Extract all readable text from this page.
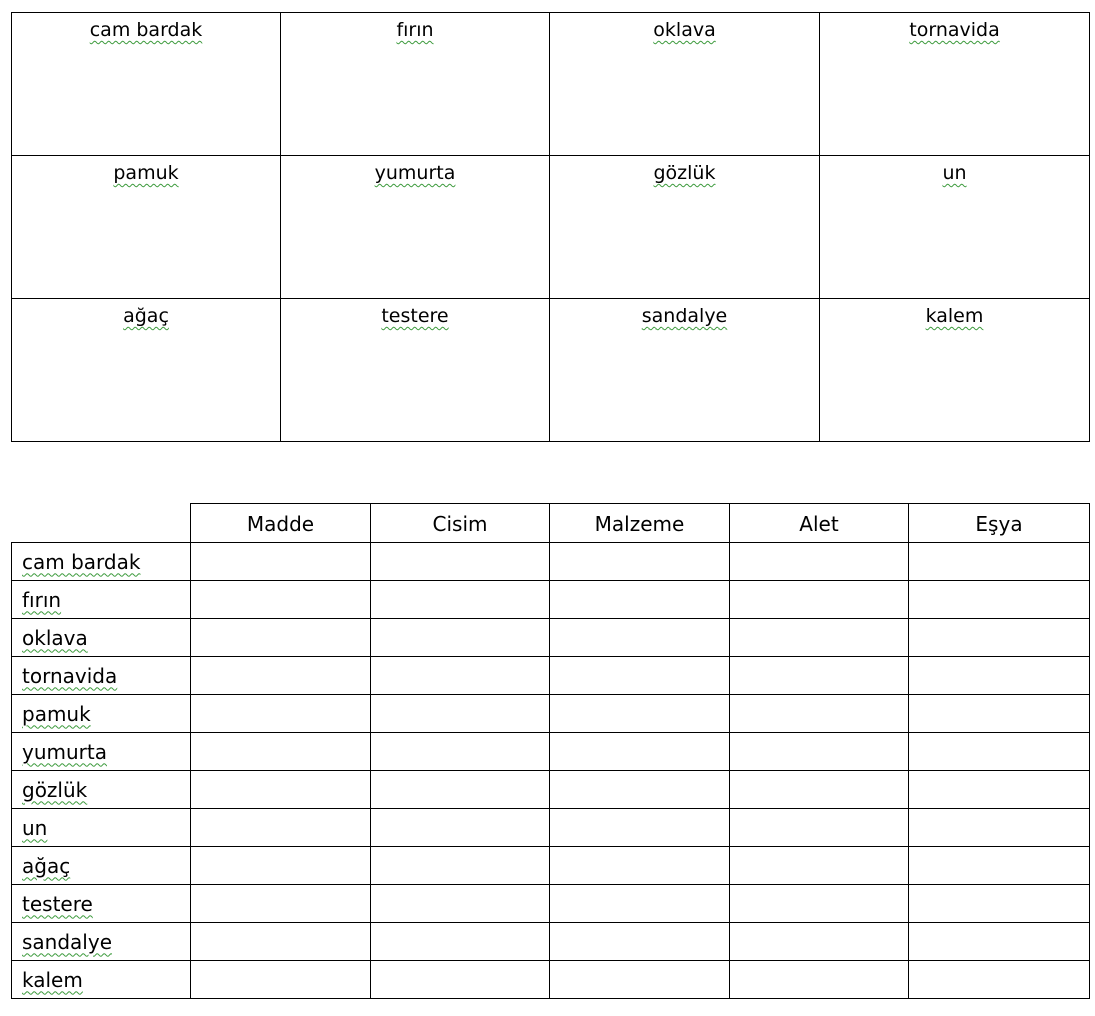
cam bardak	fırın	oklava	tornavida
pamuk	yumurta	gözlük	un
ağaç	testere	sandalye	kalem
	Madde	Cisim	Malzeme	Alet	Eşya
cam bardak					
fırın					
oklava					
tornavida					
pamuk					
yumurta					
gözlük					
un					
ağaç					
testere					
sandalye					
kalem					
